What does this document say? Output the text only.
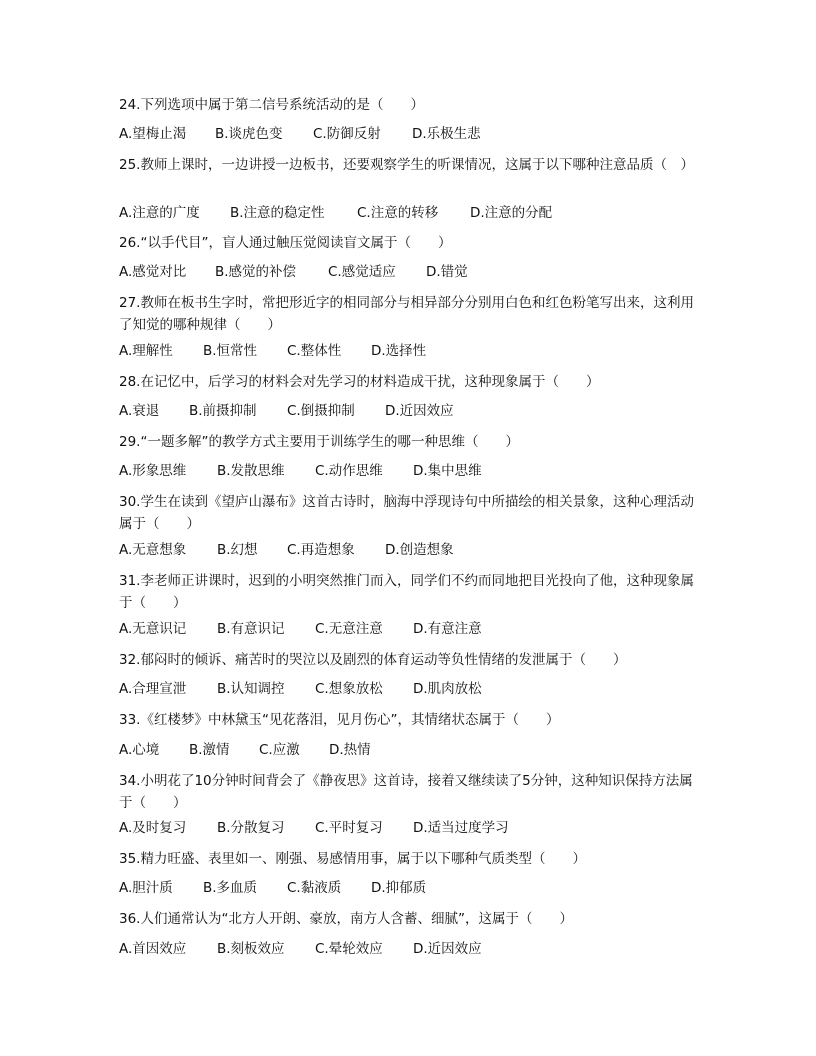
24.下列选项中属于第二信号系统活动的是（　　）
A.望梅止渴 B.谈虎色变 C.防御反射 D.乐极生悲
25.教师上课时，一边讲授一边板书，还要观察学生的听课情况，这属于以下哪种注意品质（　）
A.注意的广度 B.注意的稳定性 C.注意的转移 D.注意的分配
26.“以手代目”，盲人通过触压觉阅读盲文属于（　　）
A.感觉对比 B.感觉的补偿 C.感觉适应 D.错觉
27.教师在板书生字时，常把形近字的相同部分与相异部分分别用白色和红色粉笔写出来，这利用了知觉的哪种规律（　　）
A.理解性 B.恒常性 C.整体性 D.选择性
28.在记忆中，后学习的材料会对先学习的材料造成干扰，这种现象属于（　　）
A.衰退 B.前摄抑制 C.倒摄抑制 D.近因效应
29.“一题多解”的教学方式主要用于训练学生的哪一种思维（　　）
A.形象思维 B.发散思维 C.动作思维 D.集中思维
30.学生在读到《望庐山瀑布》这首古诗时，脑海中浮现诗句中所描绘的相关景象，这种心理活动属于（　　）
A.无意想象 B.幻想 C.再造想象 D.创造想象
31.李老师正讲课时，迟到的小明突然推门而入，同学们不约而同地把目光投向了他，这种现象属于（　　）
A.无意识记 B.有意识记 C.无意注意 D.有意注意
32.郁闷时的倾诉、痛苦时的哭泣以及剧烈的体育运动等负性情绪的发泄属于（　　）
A.合理宣泄 B.认知调控 C.想象放松 D.肌肉放松
33.《红楼梦》中林黛玉“见花落泪，见月伤心”，其情绪状态属于（　　）
A.心境 B.激情 C.应激 D.热情
34.小明花了10分钟时间背会了《静夜思》这首诗，接着又继续读了5分钟，这种知识保持方法属于（　　）
A.及时复习 B.分散复习 C.平时复习 D.适当过度学习
35.精力旺盛、表里如一、刚强、易感情用事，属于以下哪种气质类型（　　）
A.胆汁质 B.多血质 C.黏液质 D.抑郁质
36.人们通常认为“北方人开朗、豪放，南方人含蓄、细腻”，这属于（　　）
A.首因效应 B.刻板效应 C.晕轮效应 D.近因效应
